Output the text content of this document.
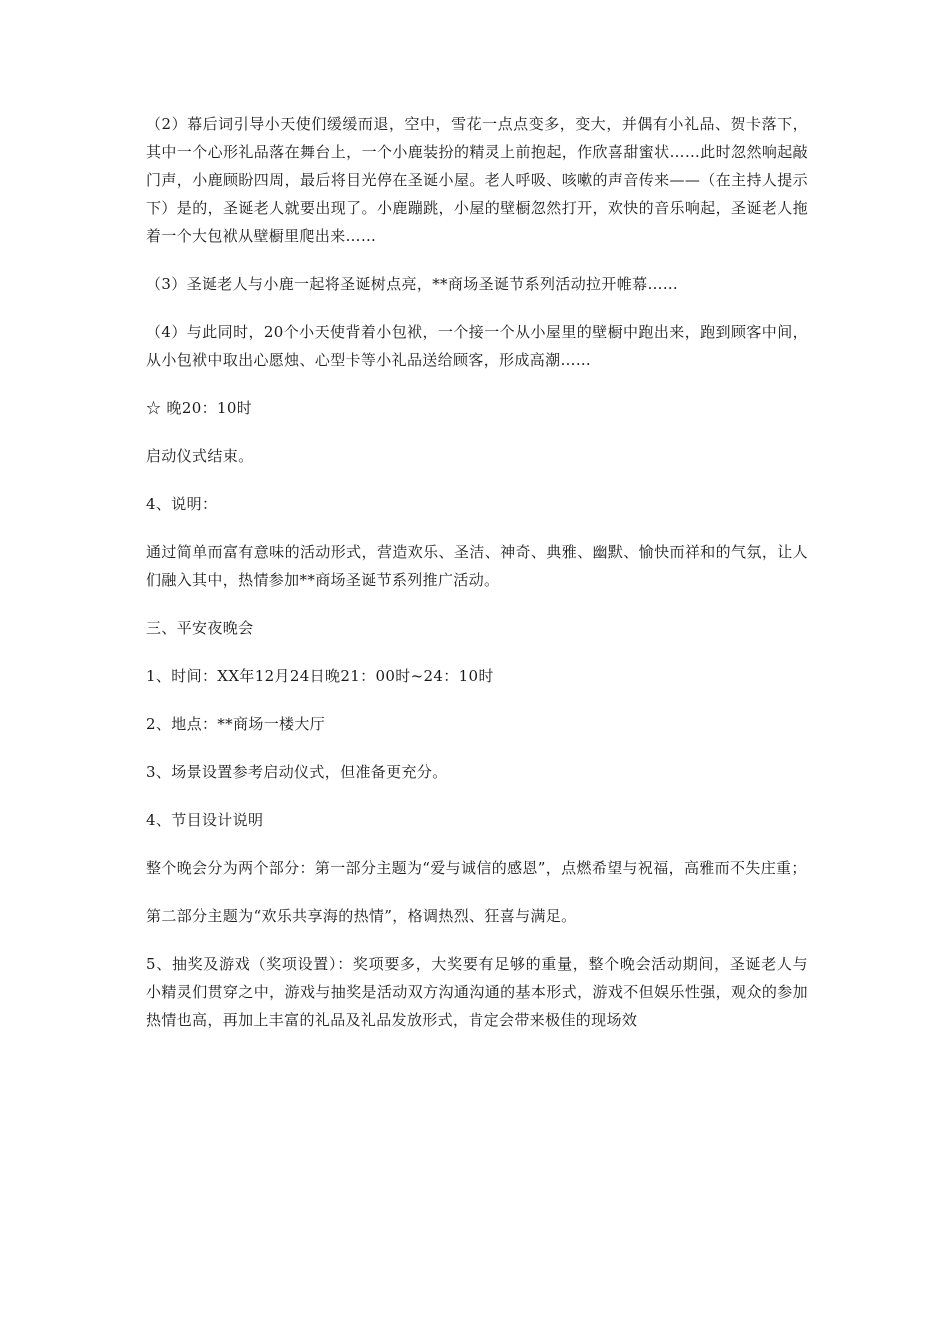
（2）幕后词引导小天使们缓缓而退，空中，雪花一点点变多，变大，并偶有小礼品、贺卡落下，其中一个心形礼品落在舞台上，一个小鹿装扮的精灵上前抱起，作欣喜甜蜜状……此时忽然响起敲门声，小鹿顾盼四周，最后将目光停在圣诞小屋。老人呼吸、咳嗽的声音传来——（在主持人提示下）是的，圣诞老人就要出现了。小鹿蹦跳，小屋的壁橱忽然打开，欢快的音乐响起，圣诞老人拖着一个大包袱从壁橱里爬出来……

（3）圣诞老人与小鹿一起将圣诞树点亮，**商场圣诞节系列活动拉开帷幕……

（4）与此同时，20个小天使背着小包袱，一个接一个从小屋里的壁橱中跑出来，跑到顾客中间，从小包袱中取出心愿烛、心型卡等小礼品送给顾客，形成高潮……

☆ 晚20：10时

启动仪式结束。

4、说明：

通过简单而富有意味的活动形式，营造欢乐、圣洁、神奇、典雅、幽默、愉快而祥和的气氛，让人们融入其中，热情参加**商场圣诞节系列推广活动。

三、平安夜晚会

1、时间：XX年12月24日晚21：00时~24：10时

2、地点：**商场一楼大厅

3、场景设置参考启动仪式，但准备更充分。

4、节目设计说明

整个晚会分为两个部分：第一部分主题为“爱与诚信的感恩”，点燃希望与祝福，高雅而不失庄重；

第二部分主题为“欢乐共享海的热情”，格调热烈、狂喜与满足。

5、抽奖及游戏（奖项设置）：奖项要多，大奖要有足够的重量，整个晚会活动期间，圣诞老人与小精灵们贯穿之中，游戏与抽奖是活动双方沟通沟通的基本形式，游戏不但娱乐性强，观众的参加热情也高，再加上丰富的礼品及礼品发放形式，肯定会带来极佳的现场效
